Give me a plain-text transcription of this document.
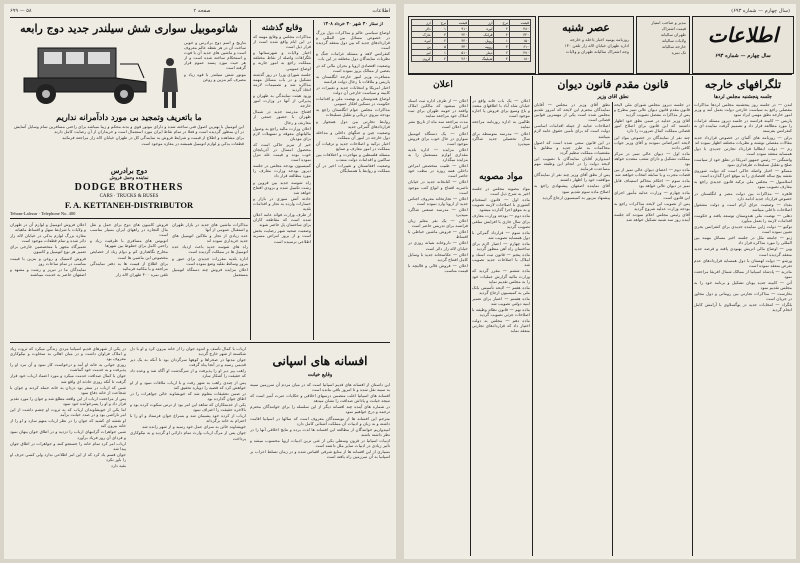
۶۹۹ — ۵۸	صفحه ۲	اطلاعات
شاتوموبیل سواری شش سیلندر جدید دوج رابعه

بتاریخ و اسم دوج برادرس و خوبی ساخت آن در هر نقطه عالم معروف است و ماشین های جدید آن با قوت و استحکام ساخته شده است و از هر حیث مورد پسند عموم قرار گرفته است

موتور شش سیلندر با قوه زیاد و مصرف کم بنزین و روغن

ما باتعریف وتمجید بی مورد دادآمرانه نداریم

این اتومبیل با بهترین اصول فنی ساخته شده و دارای موتور قوی و بدنه محکم و زیبا میباشد برای راحتی مسافرین تمام وسایل آسایش در آن منظور گردیده است و فعلا در تمام نقاط ایران مورد استعمال است و خریداران از آن رضایت کامل دارند

برای مشاهده و اطلاع از قیمت و شرایط فروش به نمایندگی کل در طهران خیابان لاله زار مراجعه فرمائید

قطعات یدکی و لوازم اتومبیل همیشه در مغازه موجود است

دوج برادرس
نماینده وحمل فروش
DODGE BROTHERS
CARS · TRUCKS & BUSES
F. A. KETTANEH-DISTRIBUTOR
Tehran-Lalezar · Telephone No. 400
وقایع گذشته

مذاکرات مجلس و وقایع مهمه که در این ایام واقع شده است از قرار ذیل است

اخبار ولایات و شهرستانها و تلگرافات واصله از نقاط مختلفه مملکت راجع به امور جاریه و اوضاع عمومی

جلسه شورای وزرا در روز گذشته تشکیل و در باب مسائل مهمه مذاکره شد و تصمیمات لازمه اتخاذ گردید

ورود هیئت نمایندگی به طهران و پذیرائی از آنها در وزارت امور خارجه

افتتاح مدرسه جدید در شمال طهران با حضور جمعی از معاریف و رجال

اعلان وزارت مالیه راجع به وصول مالیاتهای معوقه و تسهیلات لازم برای مودیان

خبر از تبریز حاکی است که محصول امسال در آذربایجان خوب بوده و قیمت غله تنزل نموده است

کمیسیون بودجه مجلس در جلسه دیروز بودجه وزارت معارف را مورد مطالعه قرار داد

راه شوسه جدید بین قزوین و رشت تکمیل شده و بزودی افتتاح خواهد شد

حادثه آتش سوزی در بازار و خسارات وارده به تجار و اقدامات بلدیه

از طرف وزارت فوائد عامه اعلان شده است که مقاطعه کاران برای ساختمان پل حاضر شوند

وضعیت صحیه شهر رضایت بخش است و از بروز امراض مسریه اطلاعی نرسیده است

از ستار ۳۰ شهر ۳۰ خرداد ۱۳۰۸

اوضاع سیاسی عالم و مذاکرات دول بزرگ در خصوص مسائل بین المللی و قراردادهای جدید که بین دول منعقد گردیده است

کنفرانس لاهه و مسئله غرامات جنگ و نظریات نمایندگان دول مختلفه در این باب

وضعیت اقتصادی اروپا و بحران مالی که در بعضی از ممالک بروز نموده است

مسافرت وزیر امور خارجه انگلستان به پاریس و ملاقات با رجال دولت فرانسه

اخبار امریکا و انتخابات جدید و تغییرات در کابینه و سیاست خارجی آن دولت

اوضاع هندوستان و نهضت ملی و اقدامات حکومت در تسکین افکار عمومی

مذاکرات مجلس عوام انگلستان راجع به بودجه نیروی دریائی و تقلیل تسلیحات

روابط تجارتی بین دول همجوار و قراردادهای گمرکی جدید

وضعیت چین و جنگهای داخلی و مداخله دول خارجه در امور آن مملکت

اخبار ترکیه و اصلاحات جدید و ترقیات آن مملکت در امور معارف و صنایع

مسئله فلسطین و مهاجرت و اختلافات بین ساکنین و اقدامات دولت منتدب

وضعیت افغانستان و تغییرات اخیر در آن مملکت و روابط با همسایگان

اعلان فروش اتومبیل و لوازم آن در طهران و ولایات با شرایط سهل و اقساط ماهیانه

مغازه بزرگ لوازم یدکی در خیابان لاله زار دائر شده و تمام قطعات موجود است

تعمیرگاه مجهز با متخصصین خارجی برای تعمیر هر نوع اتومبیل و کامیون

فروش لاستیک و روغن و بنزین با قیمت مناسب در تمام ساعات روز

نمایندگان ما در تبریز و رشت و مشهد و اصفهان حاضر به خدمت میباشند

فروش کامیون های دوج برای حمل و نقل مال التجاره در راههای ایران بسیار مناسب است

اتوبوس های مسافری با ظرفیت زیاد و راحتی کامل برای خطوط بین شهرها

مخارج نگاهداری کم و دوام زیاد از خصایص مخصوص این ماشین ها است

برای اطلاع از قیمت ها به دفتر نمایندگی مراجعه و یا مکاتبه فرمائید

تلفن نمره ۴۰۰ طهران لاله زار

مذاکرات ماشین های جدید در بازار طهران و استقبال عمومی از آنها

عده زیادی از تجار و ملاکین اتومبیل های جدید خریداری نموده اند

راه های شوسه جدید باعث ازدیاد عده اتومبیل ها در مملکت گردیده است

اداره بلدیه مقررات جدیدی برای عبور و مرور وسائط نقلیه وضع نموده است

اعلان مزایده فروش چند دستگاه اتومبیل مستعمل

افسانه های اسپانی
وقایع خیانت

در یکی از شهرهای قدیم اسپانیا مردی زندگی میکرد که ثروت زیاد و املاک فراوان داشت و در میان اهالی به سخاوت و نیکوکاری معروف بود

روزی جوانی به خانه او آمد و درخواست کار نمود و آن مرد او را پذیرفت و به خدمت خود گماشت

جوان با کمال صداقت خدمت میکرد و مورد اعتماد ارباب خود قرار گرفت تا آنکه روزی حادثه ای واقع شد

شبی که ارباب در سفر بود دزدان به خانه حمله کردند و جوان با شجاعت از خانه دفاع نمود

پس از مراجعت ارباب از این واقعه مطلع شد و جوان را مورد تقدیر قرار داد و او را پسرخوانده خود نمود

اما یکی از خویشاوندان ارباب که به ثروت او چشم داشت از این امر ناراضی بود و در صدد خیانت برآمد

او نقشه ای کشید که جوان را در نظر ارباب متهم سازد و او را از خانه بیرون کند

شبی جواهرات گرانبهای ارباب را دزدید و در اطاق جوان پنهان نمود و فردای آن روز فریاد برآورد

ارباب امر کرد تمام خانه را جستجو کنند و جواهرات در اطاق جوان پیدا شد

جوان قسم یاد کرد که از این امر اطلاعی ندارد ولی کسی حرف او را باور نکرد

بقیه دارد

ارباب با کمال تأسف و اندوه جوان را از خانه بیرون کرد و او با دل شکسته از شهر خارج گردید

جوان مدتها در صحراها و کوهها سرگردان بود تا آنکه به یک دیر قدیمی رسید و در آنجا پناه گرفت

راهب پیر دیر او را پذیرفت و از سرگذشت او آگاه شد و وعده داد که حقیقت را آشکار سازد

پس از چندی راهب به شهر رفت و با ارباب ملاقات نمود و از او خواهش کرد که قضیه را دوباره تحقیق کند

در ضمن تحقیقات معلوم شد که خویشاوند خائن جواهرات را در اطاق جوان گذارده بود

یکی از خدمتکاران که شاهد این امر بود از ترس سکوت کرده بود و بالاخره حقیقت را اعتراف نمود

ارباب از کرده خود پشیمان شد و بسراغ جوان فرستاد و او را با احترام به خانه برگرداند

خویشاوند خائن به سزای عمل خود رسید و از شهر رانده شد

جوان پس از مرگ ارباب وارث تمام دارائی او گردید و به نیکوکاری پرداخت

این داستان از افسانه های قدیم اسپانیا است که در میان مردم آن سرزمین سینه به سینه نقل شده و تا امروز باقی مانده است

افسانه های اسپانیا اغلب متضمن درسهای اخلاقی و حکایات عبرت آمیز است که نتیجه خیانت و پاداش صداقت را نشان میدهد

در شماره های آینده چند افسانه دیگر از این سلسله را برای خوانندگان محترم ترجمه و درج خواهیم نمود

مترجم این افسانه ها از نویسندگان معروف است که سالها در اسپانیا اقامت داشته و به زبان و ادبیات آن مملکت آشنائی کامل دارد

امیدواریم خوانندگان از مطالعه این افسانه ها لذت برده و نتایج اخلاقی آنها را در نظر داشته باشند

ادبیات اسپانیا در قرون وسطی یکی از غنی ترین ادبیات اروپا محسوب میشد و تأثیر زیادی در ادبیات سایر ملل داشته است

بسیاری از این افسانه ها از منابع شرقی اقتباس شده و در زمان تسلط اعراب بر اسپانیا به آن سرزمین راه یافته است

(سال چهارم — شماره ۶۹۳)
قیمت	نرخ	ارز	قیمت	نرخ	ارز
۴۸۰	۲	لیره	۹۱۰	۱	دلار
۳۲۰	۴	فرانک	۲۲۰	۳	مارک
۱۵۰	۱	روبل	۴۴۰	۲	لیره
۶۱۰	۳	روپیه	۳۳۰	۵	ین
۲۷۰	۲	دینار	۵۱۰	۱	لیر
۱۸۰	۴	شیلینگ	۲۶۰	۲	کرون
عصر شنبه

روزنامه یومیه اخبار داخله و خارجه

اداره طهران خیابان لاله زار تلفن ۱۳۰

وجه اشتراک سالیانه طهران و ولایات

مدیر و صاحب امتیاز

قیمت اشتراک

طهران سالیانه

ولایات سالیانه

خارجه سالیانه

تک نمره

اطلاعات
سال چهارم — شماره ۶۹۳
تلگرافهای خارجه
جلسه پنجشنبه مجلس لردها
قانون مقدم قانون دیوان
نطق آقای وزیر
اعلان

لندن — در جلسه روز پنجشنبه مجلس لردها مذاکرات مفصلی راجع به سیاست خارجی دولت بعمل آمد و وزیر امور خارجه نطق مهمی ایراد نمود

پاریس — کابینه فرانسه در جلسه دیروز مسئله غرامات را مورد مطالعه قرار داد و تصمیم گرفت نماینده ای به کنفرانس بفرستد

برلن — روزنامه های آلمان در خصوص قرارداد جدید مقالات مفصلی نوشته و نظریات مختلفه اظهار نموده اند

رم — دولت ایطالیا قرارداد تجارتی جدیدی با دول همسایه منعقد نموده است

واشنگتن — رئیس جمهور امریکا در نطق خود از سیاست صلح و تقلیل تسلیحات طرفداری نمود

مسکو — اخبار واصله حاکی است که دولت شوروی نقشه پنج ساله اقتصادی را به موقع اجرا گذارده است

اسلامبول — مجلس ملی ترکیه قانون جدیدی راجع به معارف تصویب نمود

قاهره — مذاکرات بین دولت مصر و انگلستان در خصوص قرارداد جدید ادامه دارد

بغداد — وضعیت عراق آرام است و دولت مشغول اصلاحات داخلی میباشد

دهلی — نهضت ملی هندوستان توسعه یافته و حکومت اقدامات لازمه را بعمل میآورد

توکیو — دولت ژاپن نماینده جدیدی برای کنفرانس بحری تعیین نموده است

ژنو — جامعه ملل در جلسه اخیر مسائل مهمه بین المللی را مورد مذاکره قرار داد

وین — اوضاع مالی اتریش بهبودی یافته و قرضه جدید منعقد گردیده است

ورشو — دولت لهستان با دول همسایه قراردادهای عدم تعرض منعقد نموده است

مادرید — پادشاه اسپانیا از ممالک شمال افریقا مراجعت نمود

آتن — کابینه جدید یونان تشکیل و برنامه خود را به مجلس تقدیم نمود

بخارست — مذاکرات تجارتی بین رومانی و دول مجاور در جریان است

بلگراد — انتخابات جدید در یوگسلاوی با آرامش کامل انجام گردید

در جلسه دیروز مجلس شورای ملی لایحه قانون مقدم قانون دیوان عالی تمیز مطرح و پس از مذاکرات مفصل تصویب گردید

آقای وزیر عدلیه در ضمن نطق خود اظهار داشتند که این قانون برای اصلاح امور قضائی مملکت کمال ضرورت را دارد

چند نفر از نمایندگان در خصوص مواد این لایحه اعتراضاتی نمودند و آقای وزیر جواب کافی دادند

ماده اول — دیوان عالی تمیز در مرکز مملکت تشکیل و دارای شعب متعدده خواهد بود

ماده دوم — اعضای دیوان عالی تمیز از بین قضات مجرب و با سابقه انتخاب خواهند شد

ماده سوم — احکام محاکم استیناف قابل تمیز در دیوان عالی خواهد بود

ماده چهارم — وزارت عدلیه مأمور اجرای این قانون است

پس از تصویب این لایحه مذاکرات راجع به بودجه وزارت عدلیه شروع گردید

آقای رئیس مجلس اعلام نمودند که جلسه آینده روز سه شنبه تشکیل خواهد شد

نطق آقای وزیر در مجلس — آقایان نمایندگان محترم این لایحه که امروز تقدیم مجلس شده است یکی از مهمترین قوانین قضائی است

اصلاحات عدلیه از جمله اقدامات اساسی دولت است که برای تأمین حقوق عامه لازم میباشد

در این قانون سعی شده است که اصول محاکمات به طرز جدید و مطابق با مقتضیات مملکت تنظیم گردد

امیدوارم آقایان نمایندگان با تصویب این لایحه دولت را در انجام این وظیفه مهم مساعدت فرمایند

پس از نطق آقای وزیر چند نفر از نمایندگان موافقت خود را اظهار داشتند

آقای نماینده اصفهان پیشنهادی راجع به اصلاح ماده سوم تقدیم نمود

پیشنهاد مزبور به کمیسیون ارجاع گردید

مواد مصوبه

اعلان — یک باب خانه واقع در خیابان شاه آباد با اطاقهای متعدد و باغ وسیع برای فروش یا اجاره موجود است

طالبین به اداره روزنامه مراجعه نمایند

اعلان — مدرسه متوسطه برای سال تحصیلی جدید شاگرد میپذیرد

مواد مصوبه مجلس در جلسه اخیر به شرح ذیل است

ماده اول — قانون استخدام کشوری با اصلاحات لازمه تصویب و به موقع اجرا گذارده میشود

ماده دوم — بودجه وزارت معارف برای سال جاری با افزایش مبلغی تصویب گردید

ماده سوم — قرارداد گمرکی با دول همسایه تصویب شد

ماده چهارم — اعتبار لازم برای ساختمان راه آهن منظور گردید

ماده پنجم — قانون ثبت اسناد و املاک با اصلاحات جدید تصویب شد

ماده ششم — مقرر گردید که وزارت مالیه گزارش عملیات خود را به مجلس تقدیم نماید

ماده هفتم — لایحه تأسیس بانک ملی به کمیسیون ارجاع گردید

ماده هشتم — اعتبار برای تعمیر ابنیه دولتی تصویب شد

ماده نهم — قانون نظام وظیفه با اصلاحات جزئی تصویب گردید

ماده دهم — مجلس به دولت اختیار داد که قراردادهای تجارتی منعقد نماید

اعلان — از طرف اداره ثبت اسناد اعلان میشود که مالکین املاک واقعه در حومه طهران برای ثبت املاک خود مراجعه نمایند

مدت مراجعه سه ماه از تاریخ نشر این اعلان است

اعلان — یک دستگاه اتومبیل سواری در حال خوب برای فروش موجود است

اعلان مزایده — اداره بلدیه مقداری لوازم مستعمل را به مزایده میگذارد

اعلان — طبیب متخصص امراض داخلی همه روزه در مطب خود حاضر است

اعلان — کتابخانه جدید در خیابان ناصریه افتتاح و انواع کتب موجود است

اعلان — تجارتخانه معروف اجناس جدید از اروپا وارد نموده است

اعلان — مدرسه صنعتی شاگرد میپذیرد

اعلان — یک نفر معلم زبان فرانسه برای تدریس حاضر است

اعلان — فروش ماشین خیاطی با اقساط

اعلان — داروخانه شبانه روزی در خیابان لاله زار دائر است

اعلان — عکاسخانه جدید با وسایل کامل افتتاح گردید

اعلان — فروش قالی و قالیچه با قیمت مناسب
